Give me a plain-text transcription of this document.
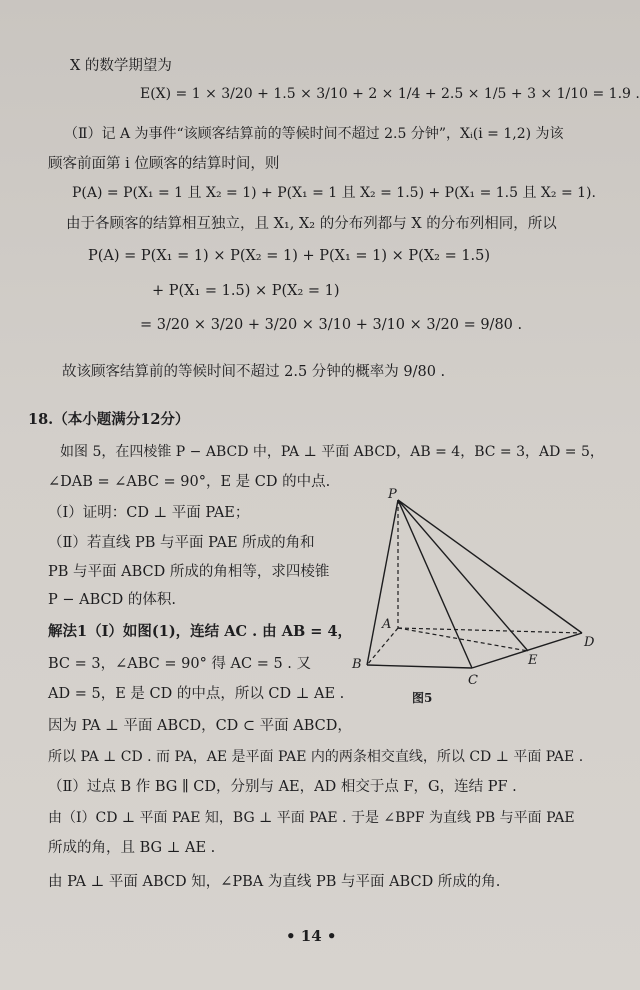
X 的数学期望为
E(X) = 1 × 3/20 + 1.5 × 3/10 + 2 × 1/4 + 2.5 × 1/5 + 3 × 1/10 = 1.9 .
（Ⅱ）记 A 为事件“该顾客结算前的等候时间不超过 2.5 分钟”，Xᵢ(i = 1,2) 为该
顾客前面第 i 位顾客的结算时间，则
P(A) = P(X₁ = 1 且 X₂ = 1) + P(X₁ = 1 且 X₂ = 1.5) + P(X₁ = 1.5 且 X₂ = 1).
由于各顾客的结算相互独立，且 X₁, X₂ 的分布列都与 X 的分布列相同，所以
P(A) = P(X₁ = 1) × P(X₂ = 1) + P(X₁ = 1) × P(X₂ = 1.5)
+ P(X₁ = 1.5) × P(X₂ = 1)
= 3/20 × 3/20 + 3/20 × 3/10 + 3/10 × 3/20 = 9/80 .
故该顾客结算前的等候时间不超过 2.5 分钟的概率为 9/80 .
18.（本小题满分12分）
如图 5，在四棱锥 P − ABCD 中，PA ⊥ 平面 ABCD，AB = 4，BC = 3，AD = 5，
∠DAB = ∠ABC = 90°，E 是 CD 的中点.
（Ⅰ）证明：CD ⊥ 平面 PAE；
（Ⅱ）若直线 PB 与平面 PAE 所成的角和
PB 与平面 ABCD 所成的角相等，求四棱锥
P − ABCD 的体积.
解法1（Ⅰ）如图(1)，连结 AC . 由 AB = 4，
BC = 3，∠ABC = 90° 得 AC = 5 . 又
AD = 5，E 是 CD 的中点，所以 CD ⊥ AE .
因为 PA ⊥ 平面 ABCD，CD ⊂ 平面 ABCD，
所以 PA ⊥ CD . 而 PA，AE 是平面 PAE 内的两条相交直线，所以 CD ⊥ 平面 PAE .
（Ⅱ）过点 B 作 BG ∥ CD，分别与 AE，AD 相交于点 F，G，连结 PF .
由（Ⅰ）CD ⊥ 平面 PAE 知，BG ⊥ 平面 PAE . 于是 ∠BPF 为直线 PB 与平面 PAE
所成的角，且 BG ⊥ AE .
由 PA ⊥ 平面 ABCD 知，∠PBA 为直线 PB 与平面 ABCD 所成的角.
P
A
B
C
D
E
图5
• 14 •
